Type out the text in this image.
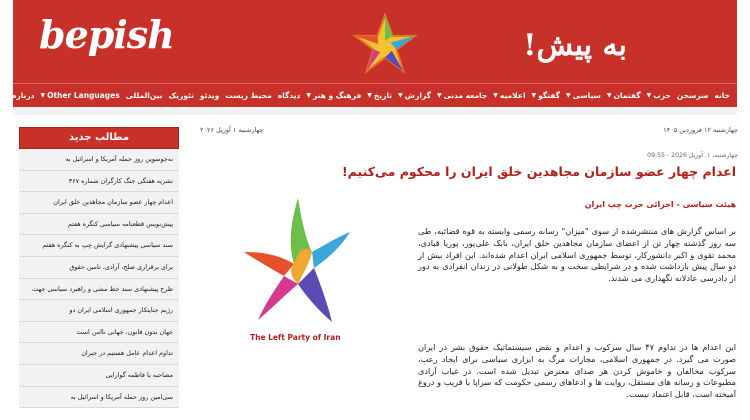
bepish	به پیش!
خانه
سرسخن
حزب
▼
گفتمان
▼
سیاسی
▼
گفتگو
▼
اعلامیه
▼
جامعه مدنی
▼
گزارش
▼
تاریخ
▼
فرهنگ و هنر
▼
دیدگاه
محیط زیست
ویدئو
تئوریک
بین‌المللی
Other Languages
▼
درباره ما
مطالب جدید
نه‌جوسوین روز حمله آمریکا و اسرائیل به
نشریه هفتگی جنگ کارگران شماره ۳۶۷
اعدام چهار عضو سازمان مجاهدین خلق ایران
پیش‌نویس قطعنامه سیاسی کنگره هفتم
سند سیاسی پیشنهادی گرایش چپ به کنگره هفتم
برای برقراری صلح، آزادی، تامین حقوق
طرح پیشنهادی سند خط مشی و راهبرد سیاسی جهت
رژیم جنایتکار جمهوری اسلامی ایران دو
جهان بدون قانون، جهانی ناامن است
تداوم اعدام عامل هستیم در جبران
مصاحبه با فاطمه گوارایی
سی‌امین روز حمله آمریکا و اسرائیل به
چهارشنبه ۱ آوریل ۲۰۲۶	چهارشنبه ۱۲ فروردین ۱۴۰۵
چهارشنبه, ۱. آوریل 2026 - 09:55
اعدام چهار عضو سازمان مجاهدین خلق ایران را محکوم می‌کنیم!
هیئت سیاسی - اجرائی حزب چپ ایران
The Left Party of Iran
بر اساس گزارش های منتشرشده از سوی "میزان" رسانه رسمی وابسته به قوه قضائیه، طی سه روز گذشته چهار تن از اعضای سازمان مجاهدین خلق ایران، بابک علی‌پور، پوریا قبادی، محمد تقوی و اکبر دانشورکار، توسط جمهوری اسلامی ایران اعدام شده‌اند. این افراد بیش از دو سال پیش بازداشت شده و در شرایطی سخت و به شکل طولانی در زندان انفرادی به دور از دادرسی عادلانه نگهداری می‌ شدند.
این اعدام ها در تداوم ۴۷ سال سرکوب و اعدام و نقض سیستماتیک حقوق بشر در ایران صورت می گیرد. در جمهوری اسلامی، مجازات مرگ به ابزاری سیاسی برای ایجاد رعب، سرکوب مخالفان و خاموش کردن هر صدای معترض تبدیل شده است. در غیاب آزادی مطبوعات و رسانه های مستقل، روایت ها و ادعاهای رسمی حکومت که سراپا با فریب و دروغ آمیخته است، قابل اعتماد نیست.
